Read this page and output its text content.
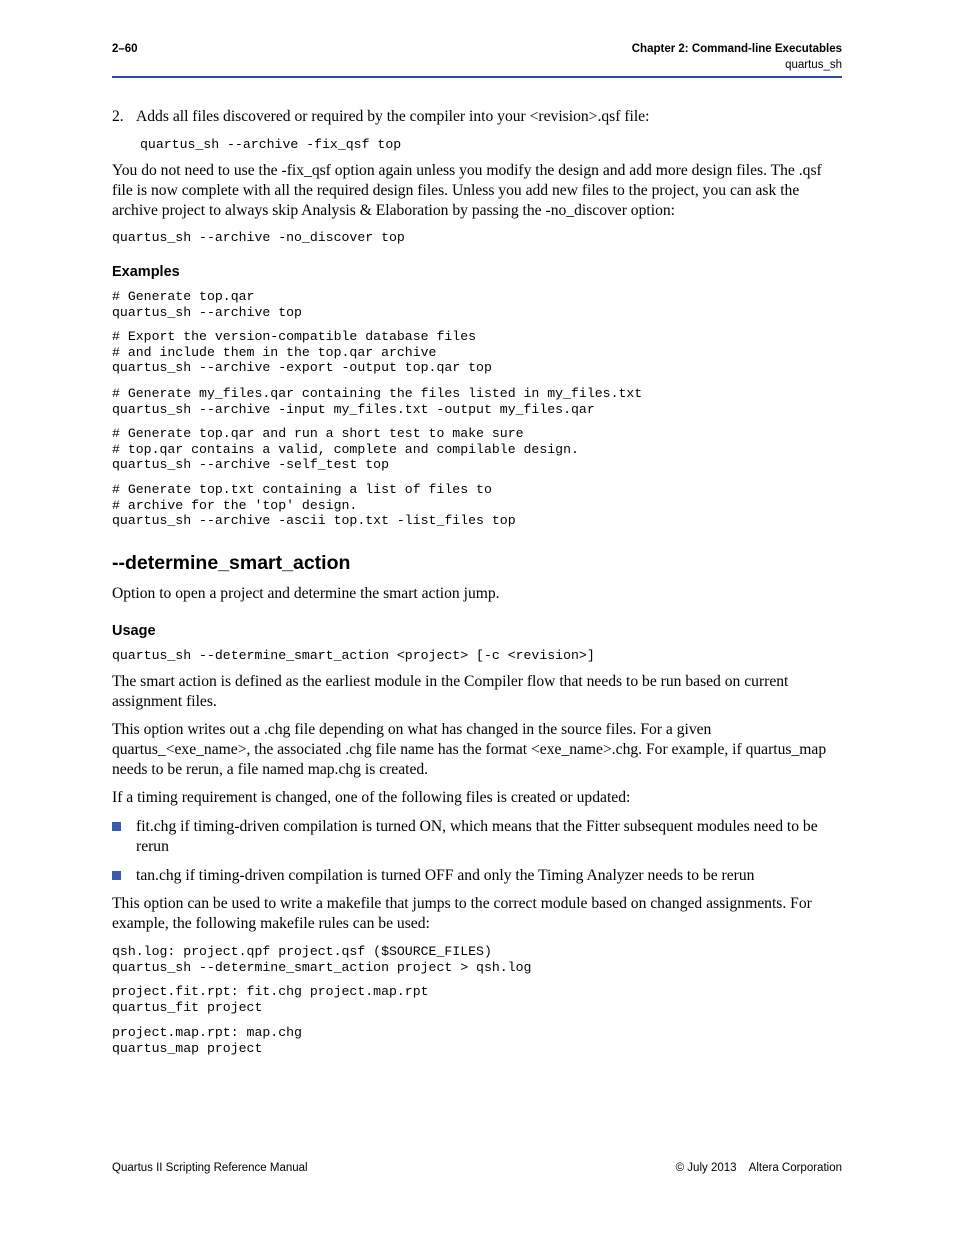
2–60	Chapter 2: Command-line Executables
quartus_sh
2. Adds all files discovered or required by the compiler into your <revision>.qsf file:
quartus_sh --archive -fix_qsf top
You do not need to use the -fix_qsf option again unless you modify the design and add more design files. The .qsf file is now complete with all the required design files. Unless you add new files to the project, you can ask the archive project to always skip Analysis & Elaboration by passing the -no_discover option:
quartus_sh --archive -no_discover top
Examples
# Generate top.qar
quartus_sh --archive top
# Export the version-compatible database files
# and include them in the top.qar archive
quartus_sh --archive -export -output top.qar top
# Generate my_files.qar containing the files listed in my_files.txt
quartus_sh --archive -input my_files.txt -output my_files.qar
# Generate top.qar and run a short test to make sure
# top.qar contains a valid, complete and compilable design.
quartus_sh --archive -self_test top
# Generate top.txt containing a list of files to
# archive for the 'top' design.
quartus_sh --archive -ascii top.txt -list_files top
--determine_smart_action
Option to open a project and determine the smart action jump.
Usage
quartus_sh --determine_smart_action <project> [-c <revision>]
The smart action is defined as the earliest module in the Compiler flow that needs to be run based on current assignment files.
This option writes out a .chg file depending on what has changed in the source files. For a given quartus_<exe_name>, the associated .chg file name has the format <exe_name>.chg. For example, if quartus_map needs to be rerun, a file named map.chg is created.
If a timing requirement is changed, one of the following files is created or updated:
fit.chg if timing-driven compilation is turned ON, which means that the Fitter subsequent modules need to be rerun
tan.chg if timing-driven compilation is turned OFF and only the Timing Analyzer needs to be rerun
This option can be used to write a makefile that jumps to the correct module based on changed assignments. For example, the following makefile rules can be used:
qsh.log: project.qpf project.qsf ($SOURCE_FILES)
quartus_sh --determine_smart_action project > qsh.log
project.fit.rpt: fit.chg project.map.rpt
quartus_fit project
project.map.rpt: map.chg
quartus_map project
Quartus II Scripting Reference Manual	© July 2013    Altera Corporation
